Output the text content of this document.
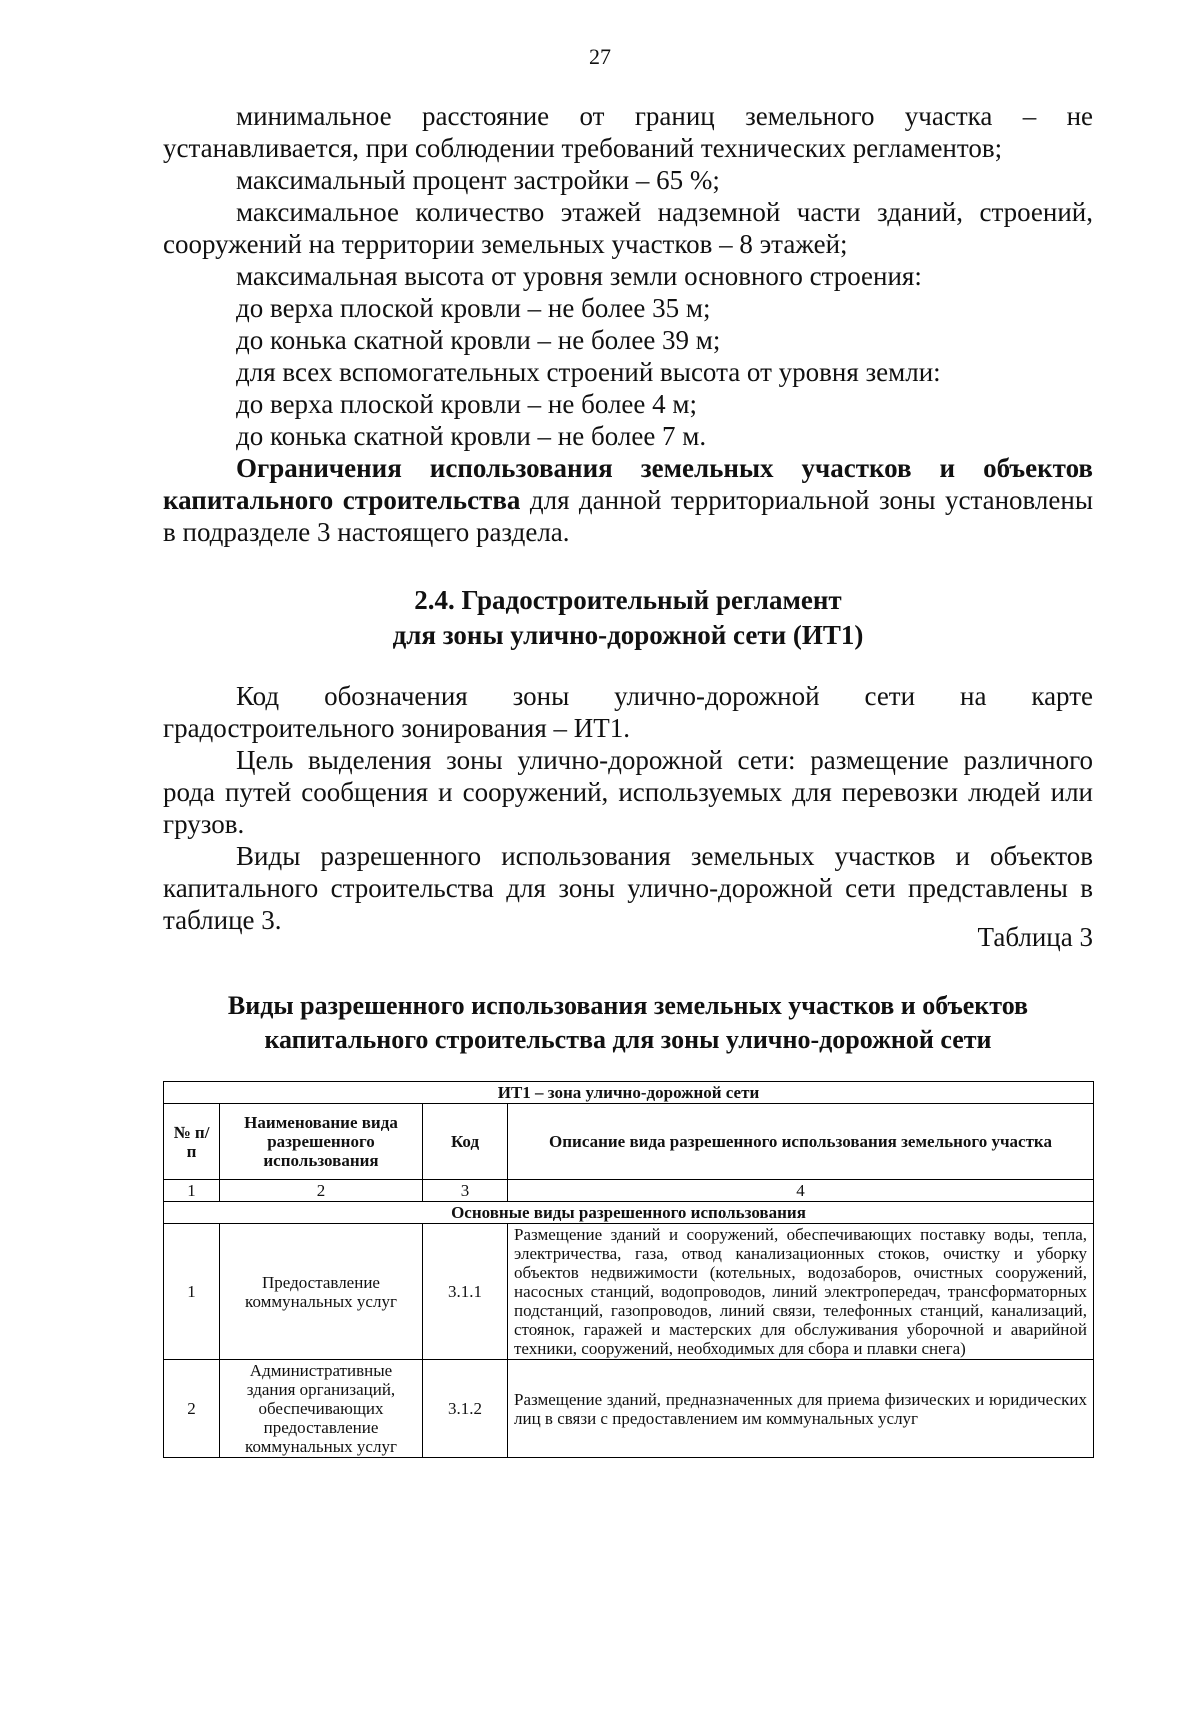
27

минимальное расстояние от границ земельного участка – не устанавливается, при соблюдении требований технических регламентов;

максимальный процент застройки – 65 %;

максимальное количество этажей надземной части зданий, строений, сооружений на территории земельных участков – 8 этажей;

максимальная высота от уровня земли основного строения:

до верха плоской кровли – не более 35 м;

до конька скатной кровли – не более 39 м;

для всех вспомогательных строений высота от уровня земли:

до верха плоской кровли – не более 4 м;

до конька скатной кровли – не более 7 м.

Ограничения использования земельных участков и объектов капитального строительства для данной территориальной зоны установлены в подразделе 3 настоящего раздела.

2.4. Градостроительный регламент
для зоны улично-дорожной сети (ИТ1)

Код обозначения зоны улично-дорожной сети на карте градостроительного зонирования – ИТ1.

Цель выделения зоны улично-дорожной сети: размещение различного рода путей сообщения и сооружений, используемых для перевозки людей или грузов.

Виды разрешенного использования земельных участков и объектов капитального строительства для зоны улично-дорожной сети представлены в таблице 3.

Таблица 3
Виды разрешенного использования земельных участков и объектов
капитального строительства для зоны улично-дорожной сети
ИТ1 – зона улично-дорожной сети			
№ п/п	Наименование вида разрешенного использования	Код	Описание вида разрешенного использования земельного участка
1	2	3	4
Основные виды разрешенного использования			
1	Предоставление коммунальных услуг	3.1.1	Размещение зданий и сооружений, обеспечивающих поставку воды, тепла, электричества, газа, отвод канализационных стоков, очистку и уборку объектов недвижимости (котельных, водозаборов, очистных сооружений, насосных станций, водопроводов, линий электропередач, трансформаторных подстанций, газопроводов, линий связи, телефонных станций, канализаций, стоянок, гаражей и мастерских для обслуживания уборочной и аварийной техники, сооружений, необходимых для сбора и плавки снега)
2	Административные здания организаций, обеспечивающих предоставление коммунальных услуг	3.1.2	Размещение зданий, предназначенных для приема физических и юридических лиц в связи с предоставлением им коммунальных услуг
